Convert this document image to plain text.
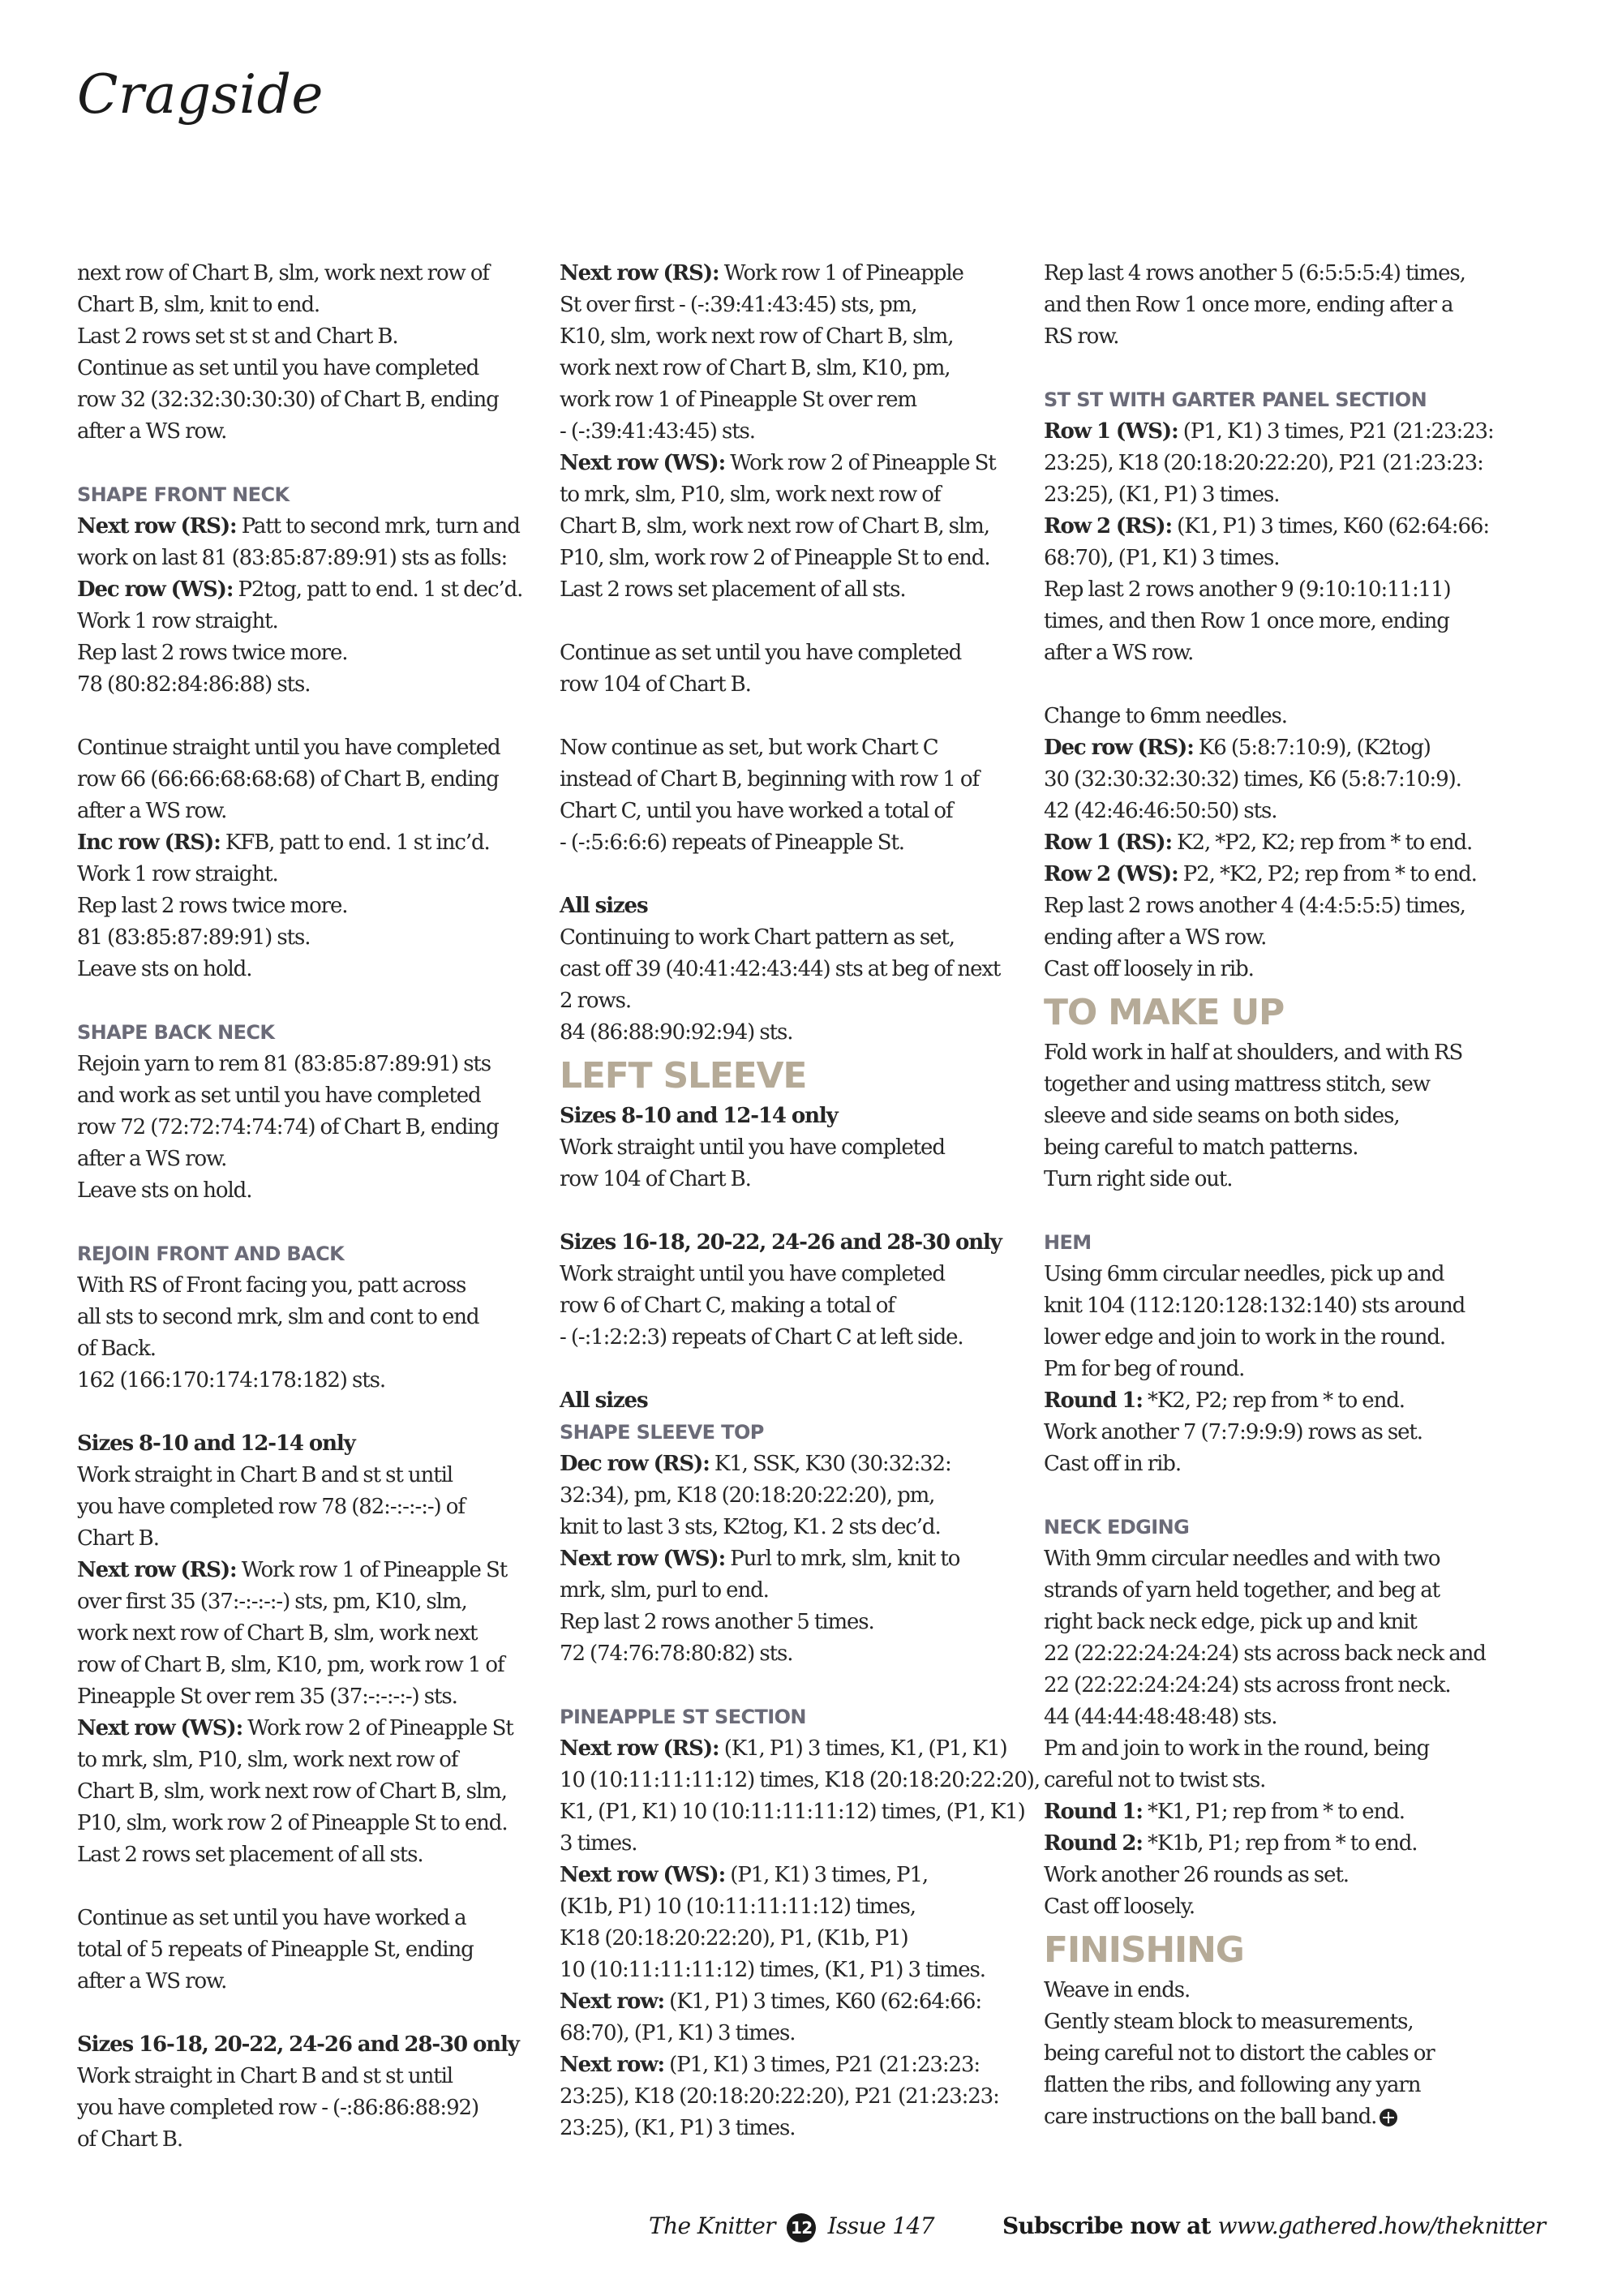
Cragside

next row of Chart B, slm, work next row of

Chart B, slm, knit to end.

Last 2 rows set st st and Chart B.

Continue as set until you have completed

row 32 (32:32:30:30:30) of Chart B, ending

after a WS row.

SHAPE FRONT NECK

Next row (RS): Patt to second mrk, turn and

work on last 81 (83:85:87:89:91) sts as folls:

Dec row (WS): P2tog, patt to end. 1 st dec’d.

Work 1 row straight.

Rep last 2 rows twice more.

78 (80:82:84:86:88) sts.

Continue straight until you have completed

row 66 (66:66:68:68:68) of Chart B, ending

after a WS row.

Inc row (RS): KFB, patt to end. 1 st inc’d.

Work 1 row straight.

Rep last 2 rows twice more.

81 (83:85:87:89:91) sts.

Leave sts on hold.

SHAPE BACK NECK

Rejoin yarn to rem 81 (83:85:87:89:91) sts

and work as set until you have completed

row 72 (72:72:74:74:74) of Chart B, ending

after a WS row.

Leave sts on hold.

REJOIN FRONT AND BACK

With RS of Front facing you, patt across

all sts to second mrk, slm and cont to end

of Back.

162 (166:170:174:178:182) sts.

Sizes 8-10 and 12-14 only

Work straight in Chart B and st st until

you have completed row 78 (82:-:-:-:-) of

Chart B.

Next row (RS): Work row 1 of Pineapple St

over first 35 (37:-:-:-:-) sts, pm, K10, slm,

work next row of Chart B, slm, work next

row of Chart B, slm, K10, pm, work row 1 of

Pineapple St over rem 35 (37:-:-:-:-) sts.

Next row (WS): Work row 2 of Pineapple St

to mrk, slm, P10, slm, work next row of

Chart B, slm, work next row of Chart B, slm,

P10, slm, work row 2 of Pineapple St to end.

Last 2 rows set placement of all sts.

Continue as set until you have worked a

total of 5 repeats of Pineapple St, ending

after a WS row.

Sizes 16-18, 20-22, 24-26 and 28-30 only

Work straight in Chart B and st st until

you have completed row - (-:86:86:88:92)

of Chart B.

Next row (RS): Work row 1 of Pineapple

St over first - (-:39:41:43:45) sts, pm,

K10, slm, work next row of Chart B, slm,

work next row of Chart B, slm, K10, pm,

work row 1 of Pineapple St over rem

- (-:39:41:43:45) sts.

Next row (WS): Work row 2 of Pineapple St

to mrk, slm, P10, slm, work next row of

Chart B, slm, work next row of Chart B, slm,

P10, slm, work row 2 of Pineapple St to end.

Last 2 rows set placement of all sts.

Continue as set until you have completed

row 104 of Chart B.

Now continue as set, but work Chart C

instead of Chart B, beginning with row 1 of

Chart C, until you have worked a total of

- (-:5:6:6:6) repeats of Pineapple St.

All sizes

Continuing to work Chart pattern as set,

cast off 39 (40:41:42:43:44) sts at beg of next

2 rows.

84 (86:88:90:92:94) sts.

LEFT SLEEVE

Sizes 8-10 and 12-14 only

Work straight until you have completed

row 104 of Chart B.

Sizes 16-18, 20-22, 24-26 and 28-30 only

Work straight until you have completed

row 6 of Chart C, making a total of

- (-:1:2:2:3) repeats of Chart C at left side.

All sizes

SHAPE SLEEVE TOP

Dec row (RS): K1, SSK, K30 (30:32:32:

32:34), pm, K18 (20:18:20:22:20), pm,

knit to last 3 sts, K2tog, K1. 2 sts dec’d.

Next row (WS): Purl to mrk, slm, knit to

mrk, slm, purl to end.

Rep last 2 rows another 5 times.

72 (74:76:78:80:82) sts.

PINEAPPLE ST SECTION

Next row (RS): (K1, P1) 3 times, K1, (P1, K1)

10 (10:11:11:11:12) times, K18 (20:18:20:22:20),

K1, (P1, K1) 10 (10:11:11:11:12) times, (P1, K1)

3 times.

Next row (WS): (P1, K1) 3 times, P1,

(K1b, P1) 10 (10:11:11:11:12) times,

K18 (20:18:20:22:20), P1, (K1b, P1)

10 (10:11:11:11:12) times, (K1, P1) 3 times.

Next row: (K1, P1) 3 times, K60 (62:64:66:

68:70), (P1, K1) 3 times.

Next row: (P1, K1) 3 times, P21 (21:23:23:

23:25), K18 (20:18:20:22:20), P21 (21:23:23:

23:25), (K1, P1) 3 times.

Rep last 4 rows another 5 (6:5:5:5:4) times,

and then Row 1 once more, ending after a

RS row.

ST ST WITH GARTER PANEL SECTION

Row 1 (WS): (P1, K1) 3 times, P21 (21:23:23:

23:25), K18 (20:18:20:22:20), P21 (21:23:23:

23:25), (K1, P1) 3 times.

Row 2 (RS): (K1, P1) 3 times, K60 (62:64:66:

68:70), (P1, K1) 3 times.

Rep last 2 rows another 9 (9:10:10:11:11)

times, and then Row 1 once more, ending

after a WS row.

Change to 6mm needles.

Dec row (RS): K6 (5:8:7:10:9), (K2tog)

30 (32:30:32:30:32) times, K6 (5:8:7:10:9).

42 (42:46:46:50:50) sts.

Row 1 (RS): K2, *P2, K2; rep from * to end.

Row 2 (WS): P2, *K2, P2; rep from * to end.

Rep last 2 rows another 4 (4:4:5:5:5) times,

ending after a WS row.

Cast off loosely in rib.

TO MAKE UP

Fold work in half at shoulders, and with RS

together and using mattress stitch, sew

sleeve and side seams on both sides,

being careful to match patterns.

Turn right side out.

HEM

Using 6mm circular needles, pick up and

knit 104 (112:120:128:132:140) sts around

lower edge and join to work in the round.

Pm for beg of round.

Round 1: *K2, P2; rep from * to end.

Work another 7 (7:7:9:9:9) rows as set.

Cast off in rib.

NECK EDGING

With 9mm circular needles and with two

strands of yarn held together, and beg at

right back neck edge, pick up and knit

22 (22:22:24:24:24) sts across back neck and

22 (22:22:24:24:24) sts across front neck.

44 (44:44:48:48:48) sts.

Pm and join to work in the round, being

careful not to twist sts.

Round 1: *K1, P1; rep from * to end.

Round 2: *K1b, P1; rep from * to end.

Work another 26 rounds as set.

Cast off loosely.

FINISHING

Weave in ends.

Gently steam block to measurements,

being careful not to distort the cables or

flatten the ribs, and following any yarn

care instructions on the ball band.

The Knitter 12 Issue 147	Subscribe now at www.gathered.how/theknitter
